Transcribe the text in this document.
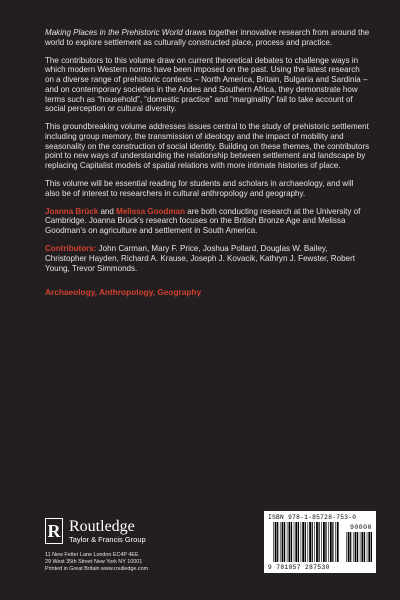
Making Places in the Prehistoric World draws together innovative research from around the world to explore settlement as culturally constructed place, process and practice.

The contributors to this volume draw on current theoretical debates to challenge ways in which modern Western norms have been imposed on the past. Using the latest research on a diverse range of prehistoric contexts – North America, Britain, Bulgaria and Sardinia – and on contemporary societies in the Andes and Southern Africa, they demonstrate how terms such as “household”, “domestic practice” and “marginality” fail to take account of social perception or cultural diversity.

This groundbreaking volume addresses issues central to the study of prehistoric settlement including group memory, the transmission of ideology and the impact of mobility and seasonality on the construction of social identity. Building on these themes, the contributors point to new ways of understanding the relationship between settlement and landscape by replacing Capitalist models of spatial relations with more intimate histories of place.

This volume will be essential reading for students and scholars in archaeology, and will also be of interest to researchers in cultural anthropology and geography.

Joanna Brück and Melissa Goodman are both conducting research at the University of Cambridge. Joanna Brück’s research focuses on the British Bronze Age and Melissa Goodman’s on agriculture and settlement in South America.

Contributors: John Carman, Mary F. Price, Joshua Pollard, Douglas W. Bailey, Christopher Hayden, Richard A. Krause, Joseph J. Kovacik, Kathryn J. Fewster, Robert Young, Trevor Simmonds.

Archaeology, Anthropology, Geography

R Routledge
Taylor & Francis Group
11 New Fetter Lane London EC4P 4EE
29 West 35th Street New York NY 10001
Printed in Great Britain www.routledge.com
ISBN 978-1-85728-753-0
90000
9 781857 287530
